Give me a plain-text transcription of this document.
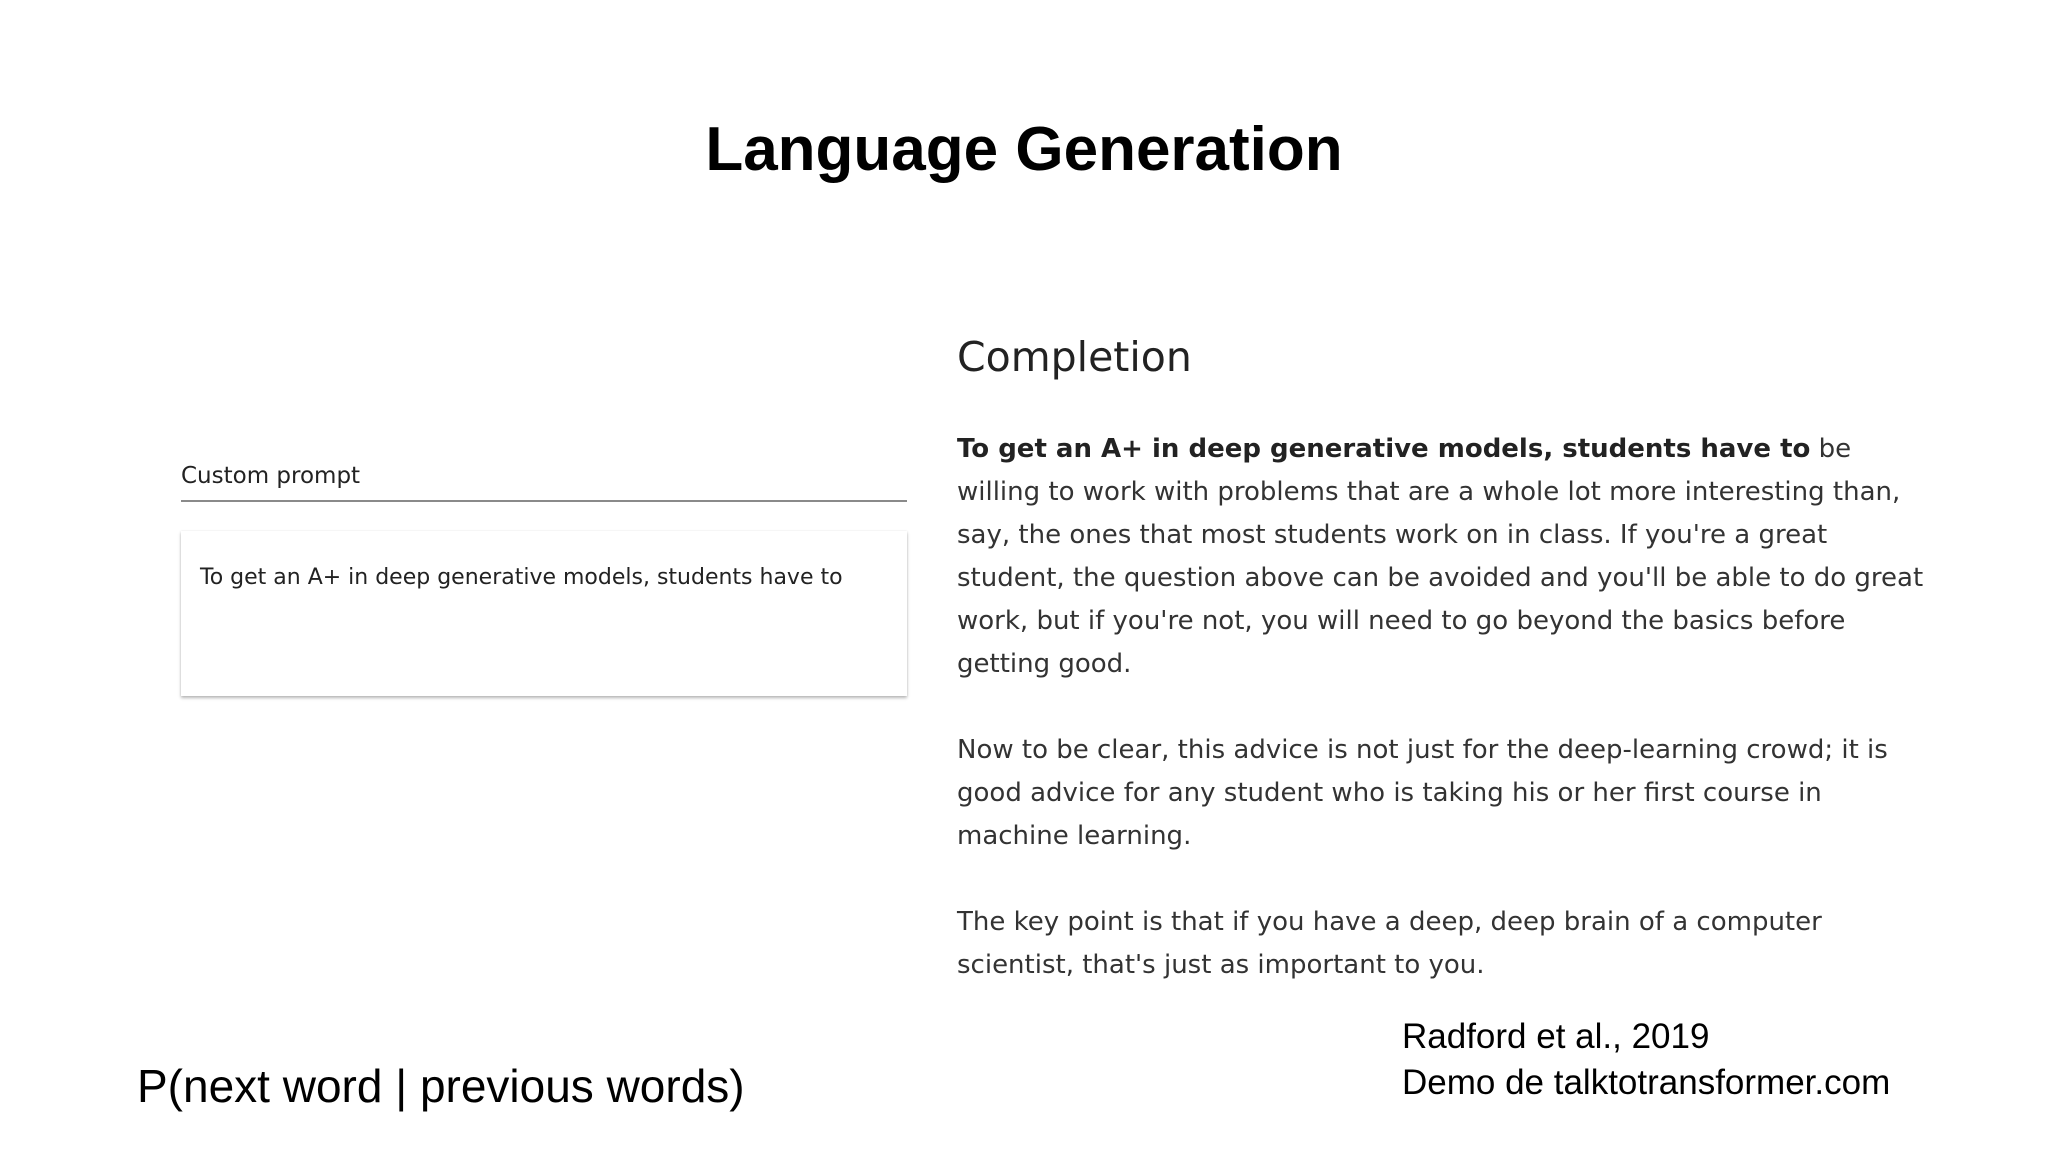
Language Generation
Custom prompt
To get an A+ in deep generative models, students have to
Completion

To get an A+ in deep generative models, students have to be willing to work with problems that are a whole lot more interesting than, say, the ones that most students work on in class. If you're a great student, the question above can be avoided and you'll be able to do great work, but if you're not, you will need to go beyond the basics before getting good.

Now to be clear, this advice is not just for the deep-learning crowd; it is good advice for any student who is taking his or her first course in machine learning.

The key point is that if you have a deep, deep brain of a computer scientist, that's just as important to you.

P(next word | previous words)
Radford et al., 2019
Demo de talktotransformer.com
